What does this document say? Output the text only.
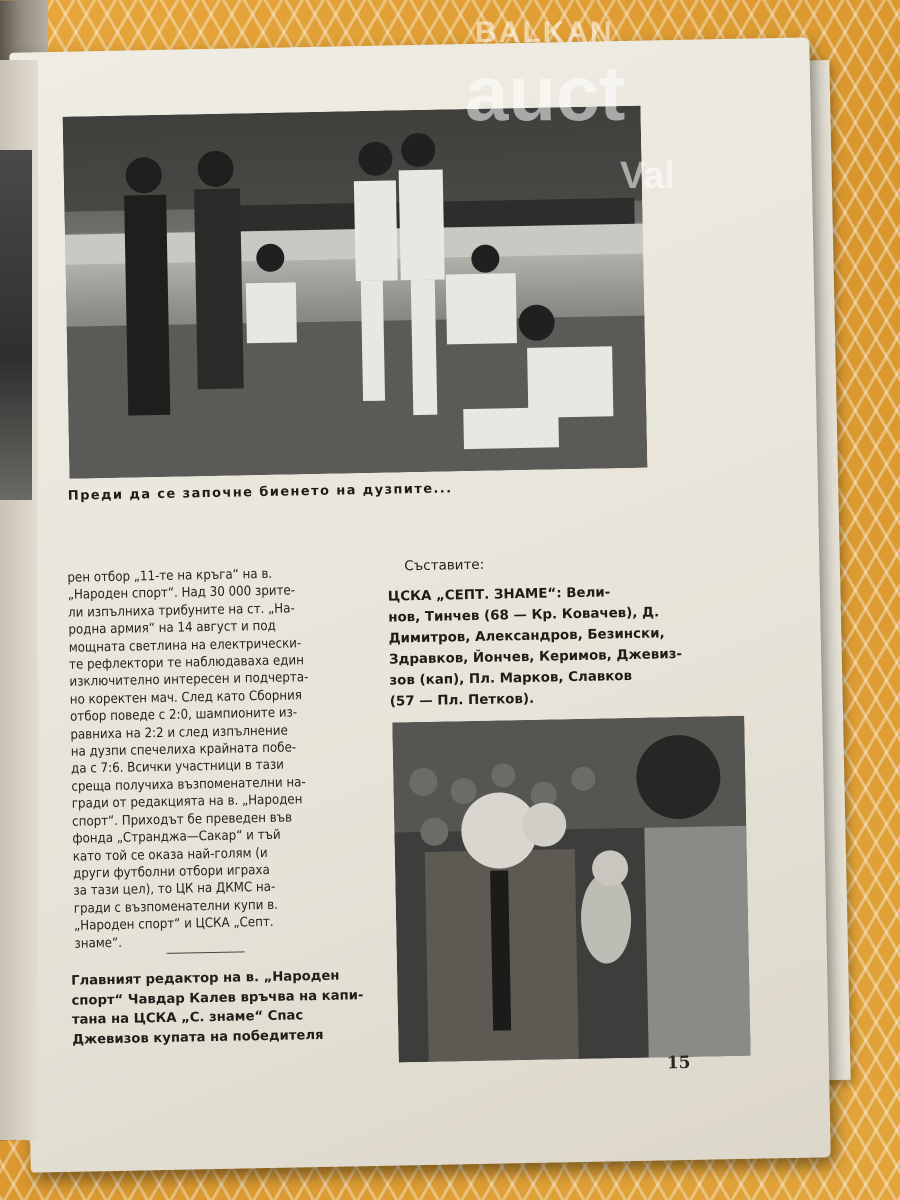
Преди да се започне биенето на дузпите...
рен отбор „11-те на кръга“ на в.
„Народен спорт“. Над 30 000 зрите-
ли изпълниха трибуните на ст. „На-
родна армия“ на 14 август и под
мощната светлина на електрически-
те рефлектори те наблюдаваха един
изключително интересен и подчерта-
но коректен мач. След като Сборния
отбор поведе с 2:0, шампионите из-
равниха на 2:2 и след изпълнение
на дузпи спечелиха крайната побе-
да с 7:6. Всички участници в тази
среща получиха възпоменателни на-
гради от редакцията на в. „Народен
спорт“. Приходът бе преведен във
фонда „Странджа—Сакар“ и тъй
като той се оказа най-голям (и
други футболни отбори играха
за тази цел), то ЦК на ДКМС на-
гради с възпоменателни купи в.
„Народен спорт“ и ЦСКА „Септ.
знаме“.
Главният редактор на в. „Народен
спорт“ Чавдар Калев връчва на капи-
тана на ЦСКА „С. знаме“ Спас
Джевизов купата на победителя
Съставите:
ЦСКА „СЕПТ. ЗНАМЕ“: Вели-
нов, Тинчев (68 — Кр. Ковачев), Д.
Димитров, Александров, Безински,
Здравков, Йончев, Керимов, Джевиз-
зов (кап), Пл. Марков, Славков
(57 — Пл. Петков).
15
BALKAN
auct
Val
